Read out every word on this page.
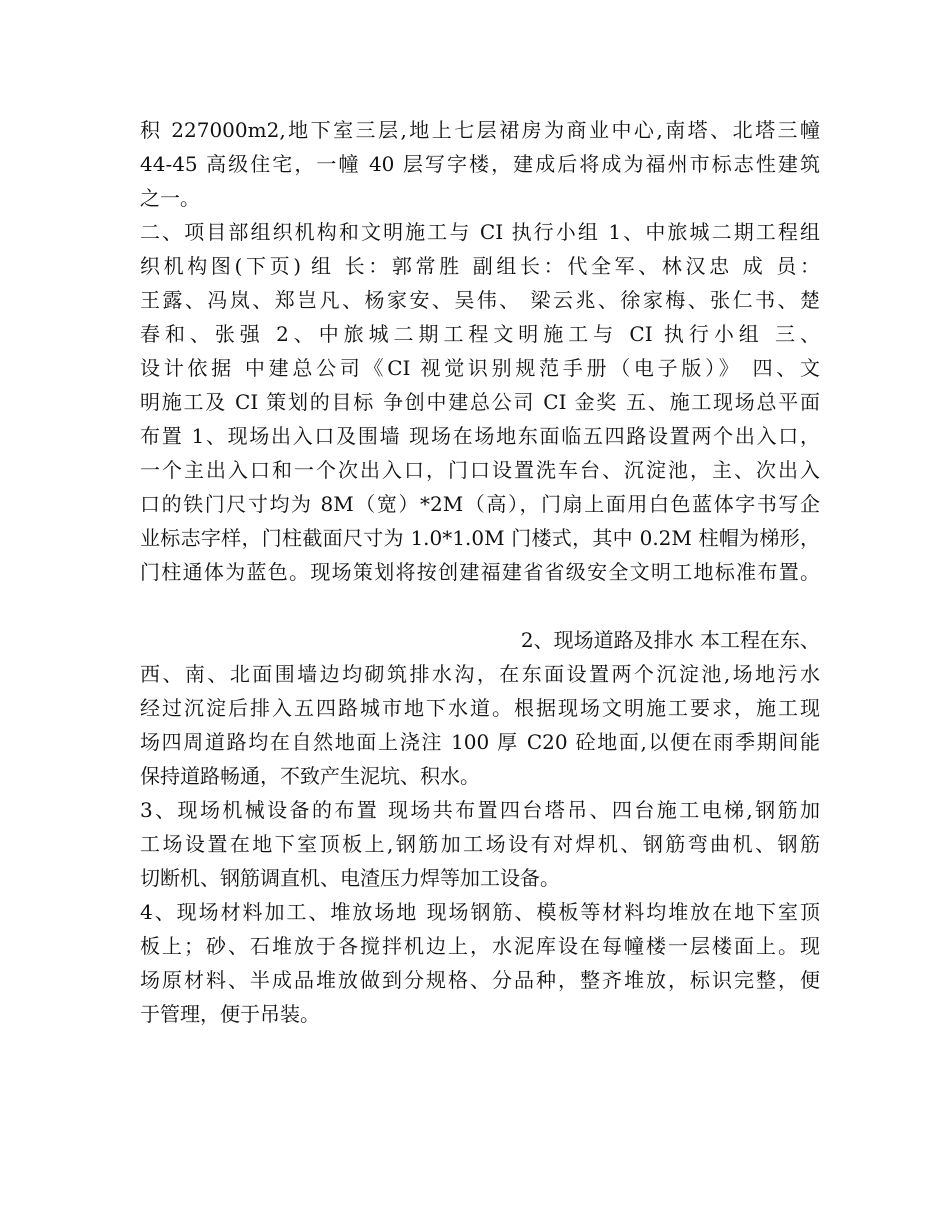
积 227000m2,地下室三层,地上七层裙房为商业中心,南塔、北塔三幢
44-45 高级住宅，一幢 40 层写字楼，建成后将成为福州市标志性建筑
之一。
二、项目部组织机构和文明施工与 CI 执行小组 1、中旅城二期工程组
织机构图(下页) 组 长：郭常胜 副组长：代全军、林汉忠 成 员：
王露、冯岚、郑岂凡、杨家安、吴伟、 梁云兆、徐家梅、张仁书、楚
春和、张强 2、中旅城二期工程文明施工与 CI 执行小组 三、
设计依据 中建总公司《CI 视觉识别规范手册（电子版）》 四、文
明施工及 CI 策划的目标 争创中建总公司 CI 金奖 五、施工现场总平面
布置 1、现场出入口及围墙 现场在场地东面临五四路设置两个出入口，
一个主出入口和一个次出入口，门口设置洗车台、沉淀池，主、次出入
口的铁门尺寸均为 8M（宽）*2M（高），门扇上面用白色蓝体字书写企
业标志字样，门柱截面尺寸为 1.0*1.0M 门楼式，其中 0.2M 柱帽为梯形，
门柱通体为蓝色。现场策划将按创建福建省省级安全文明工地标准布置。
2、现场道路及排水 本工程在东、
西、南、北面围墙边均砌筑排水沟，在东面设置两个沉淀池,场地污水
经过沉淀后排入五四路城市地下水道。根据现场文明施工要求，施工现
场四周道路均在自然地面上浇注 100 厚 C20 砼地面,以便在雨季期间能
保持道路畅通，不致产生泥坑、积水。
3、现场机械设备的布置 现场共布置四台塔吊、四台施工电梯,钢筋加
工场设置在地下室顶板上,钢筋加工场设有对焊机、钢筋弯曲机、钢筋
切断机、钢筋调直机、电渣压力焊等加工设备。
4、现场材料加工、堆放场地 现场钢筋、模板等材料均堆放在地下室顶
板上；砂、石堆放于各搅拌机边上，水泥库设在每幢楼一层楼面上。现
场原材料、半成品堆放做到分规格、分品种，整齐堆放，标识完整，便
于管理，便于吊装。
